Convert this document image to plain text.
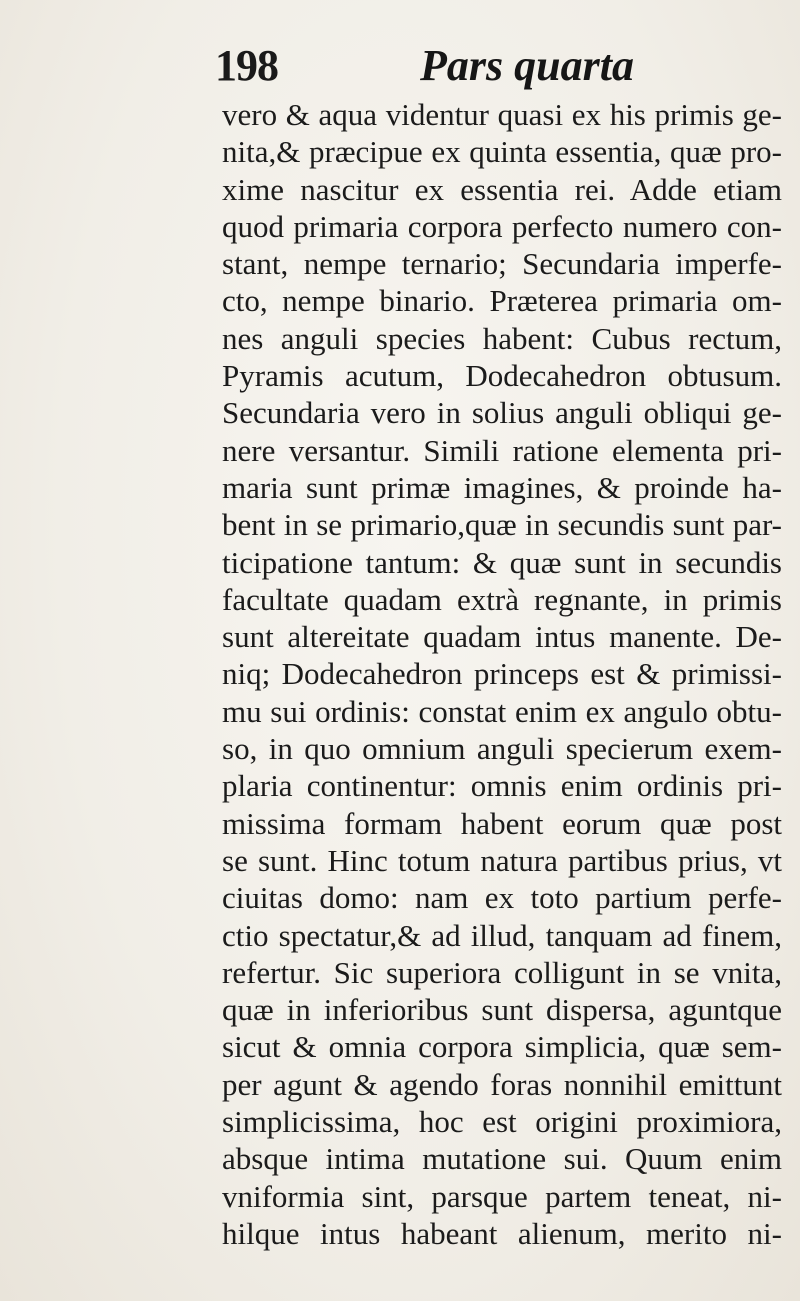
198	Pars quarta
vero & aqua videntur quasi ex his primis ge-
nita,& præcipue ex quinta essentia, quæ pro-
xime nascitur ex essentia rei. Adde etiam
quod primaria corpora perfecto numero con-
stant, nempe ternario; Secundaria imperfe-
cto, nempe binario. Præterea primaria om-
nes anguli species habent: Cubus rectum,
Pyramis acutum, Dodecahedron obtusum.
Secundaria vero in solius anguli obliqui ge-
nere versantur. Simili ratione elementa pri-
maria sunt primæ imagines, & proinde ha-
bent in se primario,quæ in secundis sunt par-
ticipatione tantum: & quæ sunt in secundis
facultate quadam extrà regnante, in primis
sunt altereitate quadam intus manente. De-
niq; Dodecahedron princeps est & primissi-
mu sui ordinis: constat enim ex angulo obtu-
so, in quo omnium anguli specierum exem-
plaria continentur: omnis enim ordinis pri-
missima formam habent eorum quæ post
se sunt. Hinc totum natura partibus prius, vt
ciuitas domo: nam ex toto partium perfe-
ctio spectatur,& ad illud, tanquam ad finem,
refertur. Sic superiora colligunt in se vnita,
quæ in inferioribus sunt dispersa, aguntque
sicut & omnia corpora simplicia, quæ sem-
per agunt & agendo foras nonnihil emittunt
simplicissima, hoc est origini proximiora,
absque intima mutatione sui. Quum enim
vniformia sint, parsque partem teneat, ni-
hilque intus habeant alienum, merito ni-
